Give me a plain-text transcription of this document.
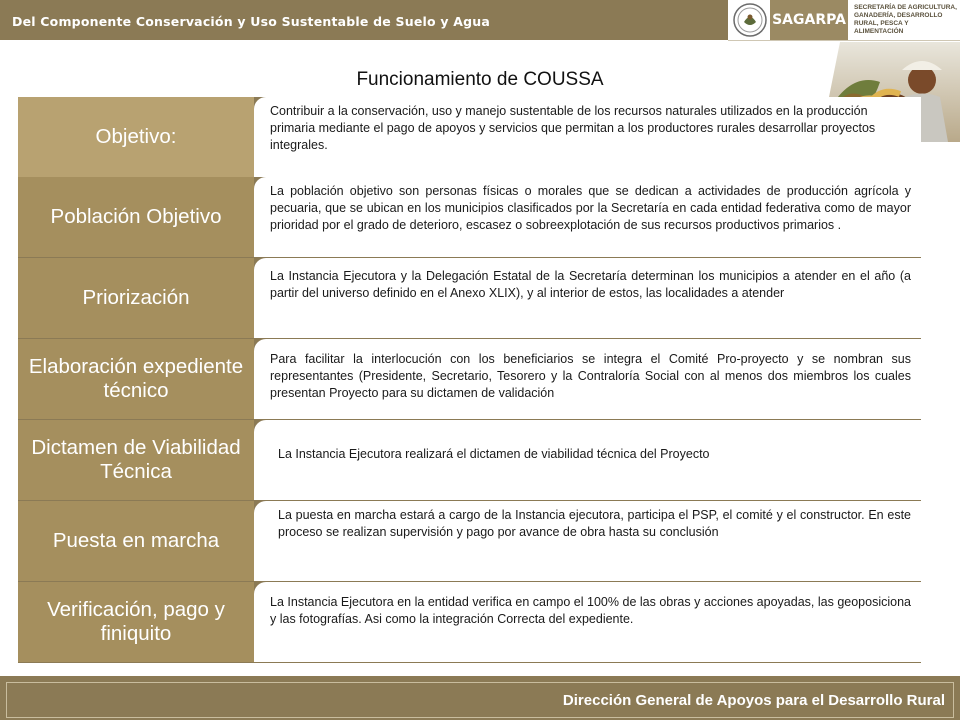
Del Componente Conservación y Uso Sustentable de Suelo y Agua	SAGARPA
SECRETARÍA DE AGRICULTURA, GANADERÍA, DESARROLLO RURAL, PESCA Y ALIMENTACIÓN
Funcionamiento de COUSSA
Objetivo:
Contribuir a la conservación, uso y manejo sustentable de los recursos naturales utilizados en la producción primaria mediante el pago de apoyos y servicios que permitan a los productores rurales desarrollar proyectos integrales.
Población Objetivo
La población objetivo son personas físicas o morales que se dedican a actividades de producción agrícola y pecuaria, que se ubican en los municipios clasificados por la Secretaría en cada entidad federativa como de mayor prioridad por el grado de deterioro, escasez o sobreexplotación de sus recursos productivos primarios .
Priorización
La Instancia Ejecutora y la Delegación Estatal de la Secretaría determinan los municipios a atender en el año (a partir del universo definido en el Anexo XLIX), y al interior de estos, las localidades a atender
Elaboración expediente técnico
Para facilitar la interlocución con los beneficiarios se integra el Comité Pro-proyecto y se nombran sus representantes (Presidente, Secretario, Tesorero y la Contraloría Social con al menos dos miembros los cuales presentan Proyecto para su dictamen de validación
Dictamen de Viabilidad Técnica
La Instancia Ejecutora realizará el dictamen de viabilidad técnica del Proyecto
Puesta en marcha
La puesta en marcha estará a cargo de la Instancia ejecutora, participa el PSP, el comité y el constructor. En este proceso se realizan supervisión y pago por avance de obra hasta su conclusión
Verificación, pago y finiquito
La Instancia Ejecutora en la entidad verifica en campo el 100% de las obras y acciones apoyadas, las geoposiciona y las fotografías. Asi como la integración Correcta del expediente.
Dirección General de Apoyos para el Desarrollo Rural
